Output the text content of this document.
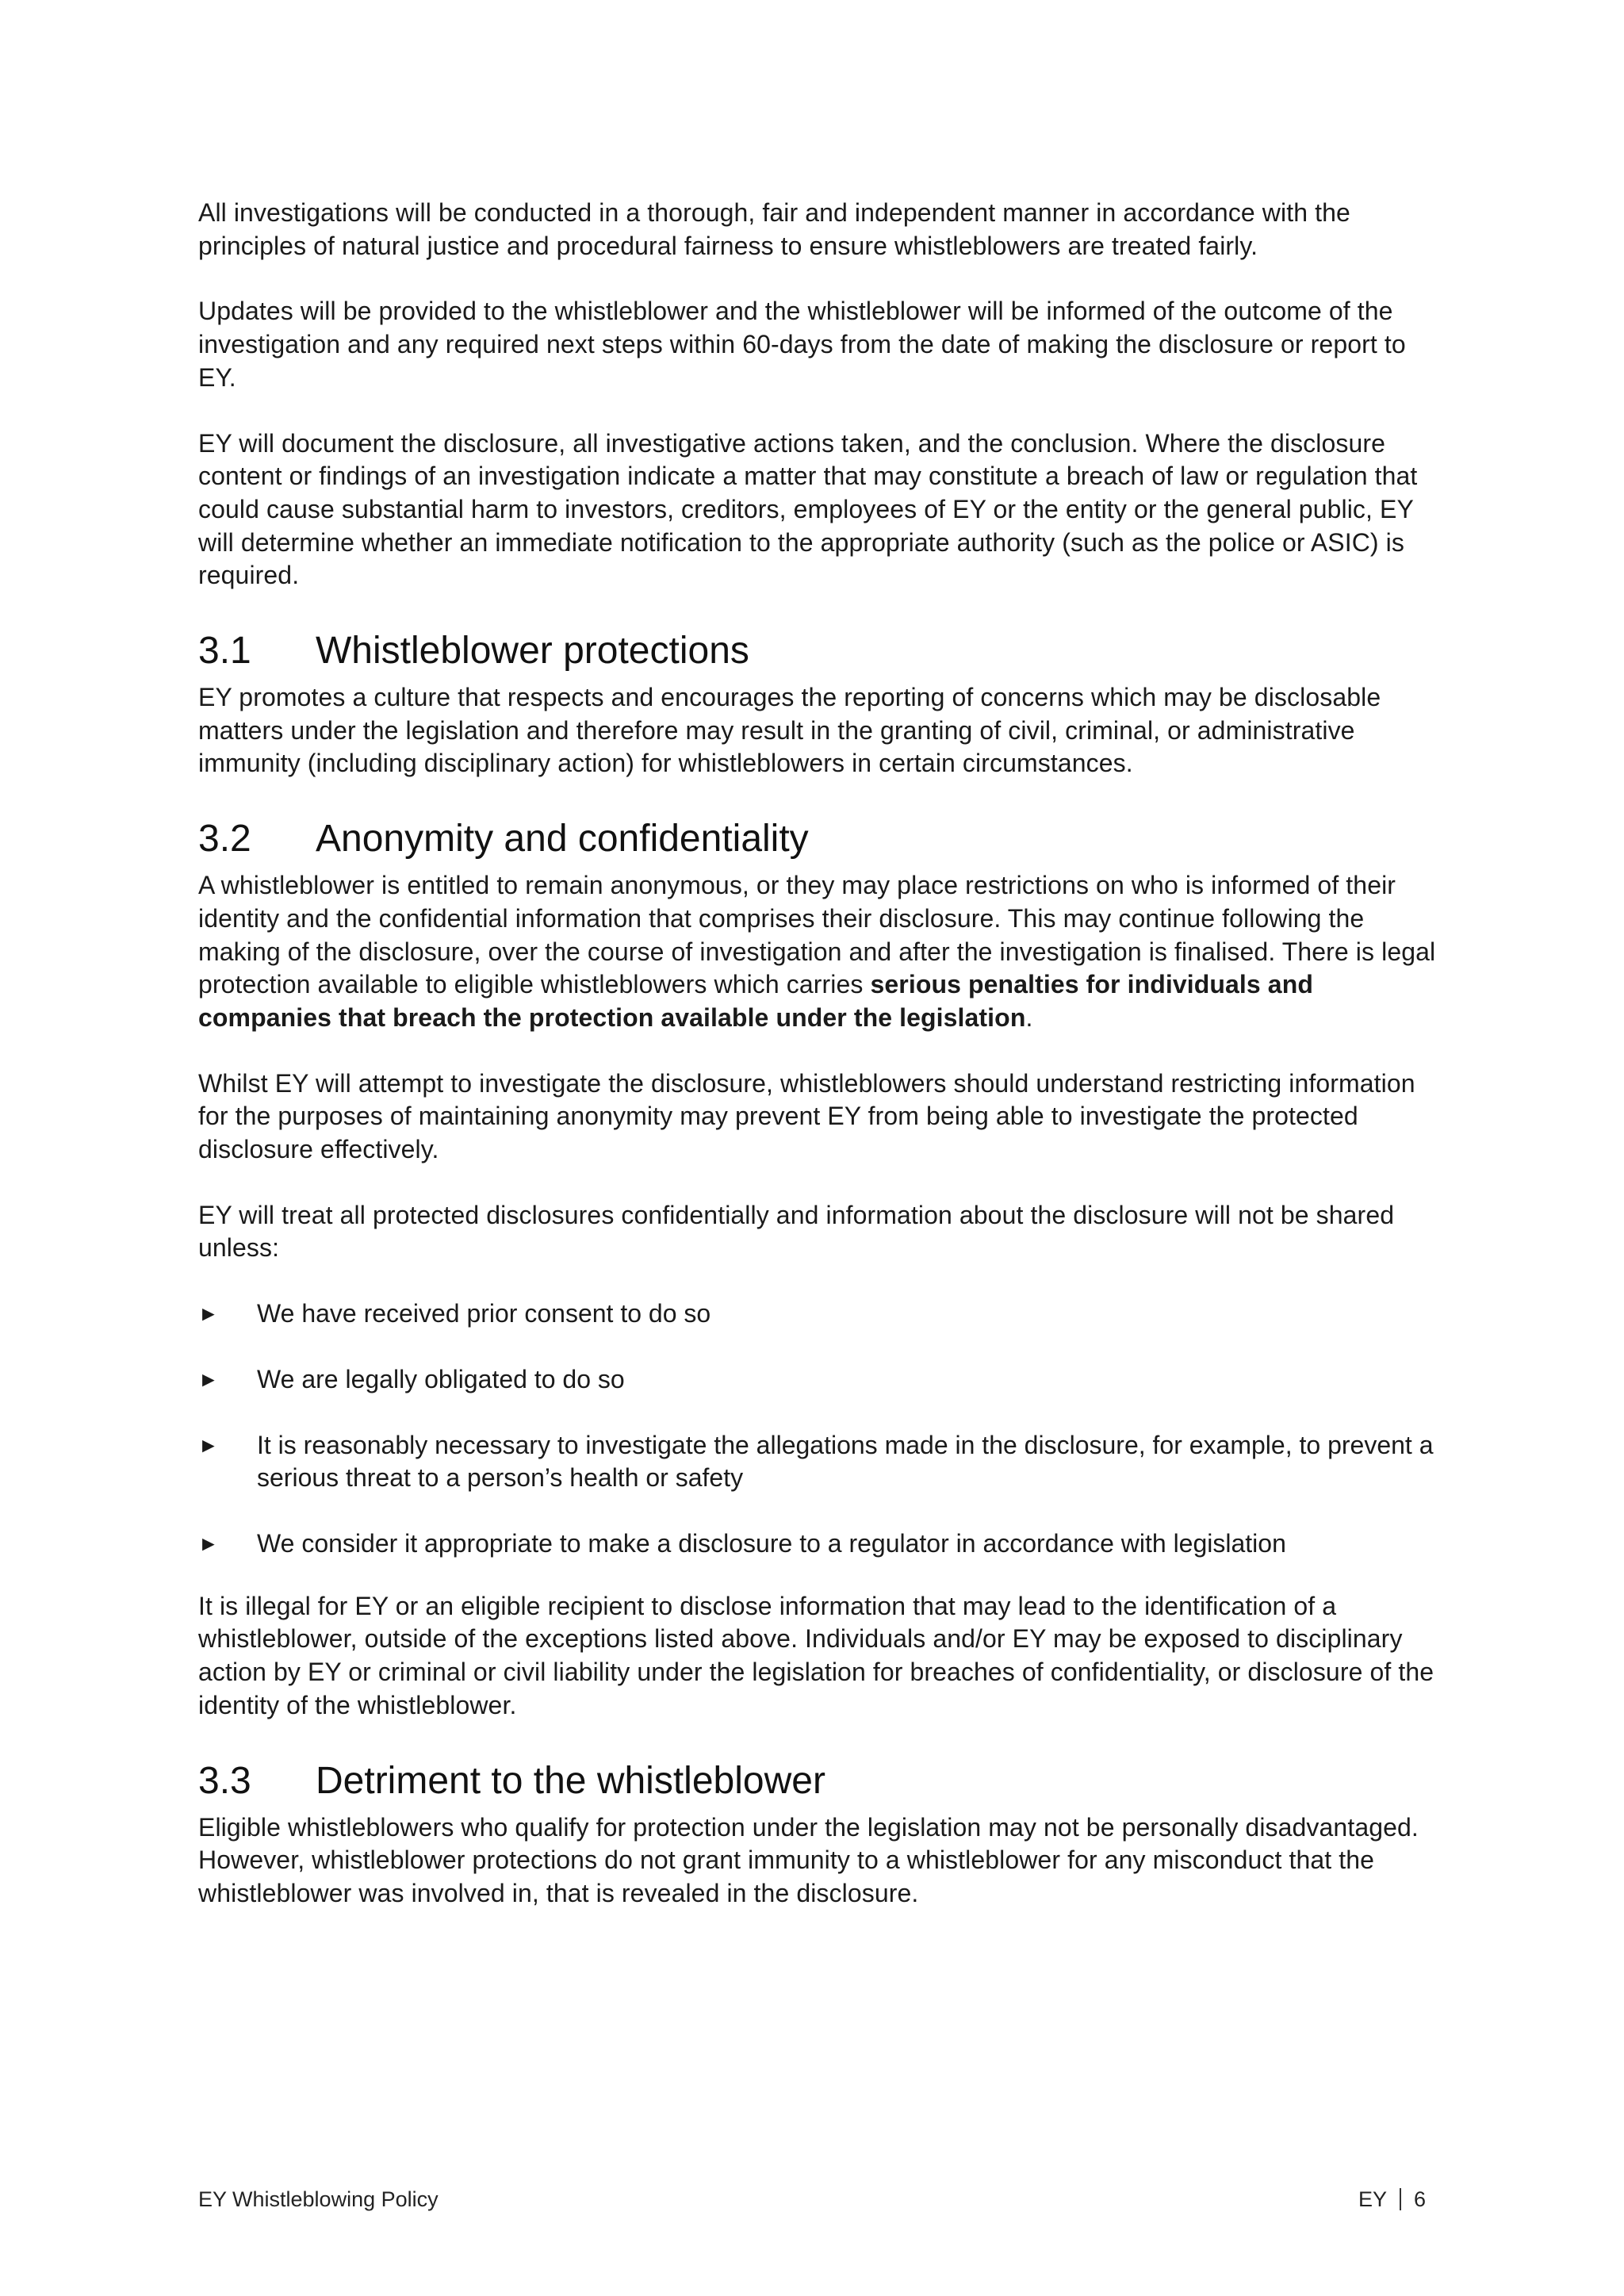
All investigations will be conducted in a thorough, fair and independent manner in accordance with the principles of natural justice and procedural fairness to ensure whistleblowers are treated fairly.

Updates will be provided to the whistleblower and the whistleblower will be informed of the outcome of the investigation and any required next steps within 60-days from the date of making the disclosure or report to EY.

EY will document the disclosure, all investigative actions taken, and the conclusion. Where the disclosure content or findings of an investigation indicate a matter that may constitute a breach of law or regulation that could cause substantial harm to investors, creditors, employees of EY or the entity or the general public, EY will determine whether an immediate notification to the appropriate authority (such as the police or ASIC) is required.

3.1	Whistleblower protections

EY promotes a culture that respects and encourages the reporting of concerns which may be disclosable matters under the legislation and therefore may result in the granting of civil, criminal, or administrative immunity (including disciplinary action) for whistleblowers in certain circumstances.

3.2	Anonymity and confidentiality

A whistleblower is entitled to remain anonymous, or they may place restrictions on who is informed of their identity and the confidential information that comprises their disclosure. This may continue following the making of the disclosure, over the course of investigation and after the investigation is finalised. There is legal protection available to eligible whistleblowers which carries serious penalties for individuals and companies that breach the protection available under the legislation.

Whilst EY will attempt to investigate the disclosure, whistleblowers should understand restricting information for the purposes of maintaining anonymity may prevent EY from being able to investigate the protected disclosure effectively.

EY will treat all protected disclosures confidentially and information about the disclosure will not be shared unless:

►	We have received prior consent to do so
►	We are legally obligated to do so
►	It is reasonably necessary to investigate the allegations made in the disclosure, for example, to prevent a serious threat to a person’s health or safety
►	We consider it appropriate to make a disclosure to a regulator in accordance with legislation

It is illegal for EY or an eligible recipient to disclose information that may lead to the identification of a whistleblower, outside of the exceptions listed above. Individuals and/or EY may be exposed to disciplinary action by EY or criminal or civil liability under the legislation for breaches of confidentiality, or disclosure of the identity of the whistleblower.

3.3	Detriment to the whistleblower

Eligible whistleblowers who qualify for protection under the legislation may not be personally disadvantaged. However, whistleblower protections do not grant immunity to a whistleblower for any misconduct that the whistleblower was involved in, that is revealed in the disclosure.

EY Whistleblowing Policy	EY 6
